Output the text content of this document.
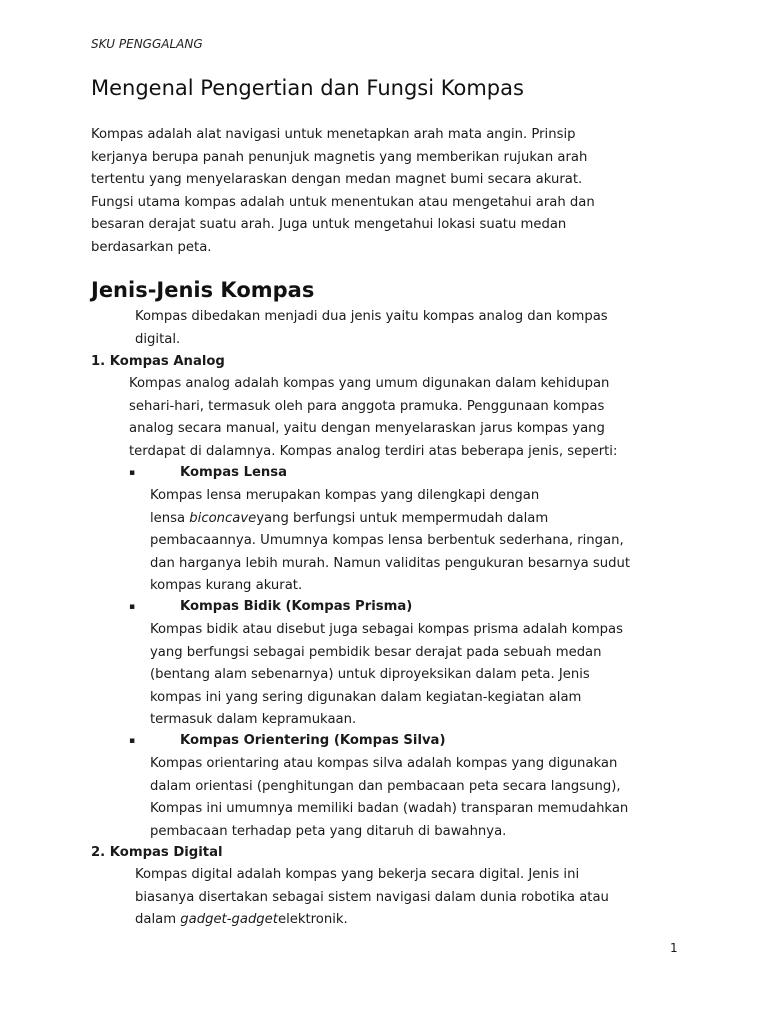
SKU PENGGALANG
Mengenal Pengertian dan Fungsi Kompas
Kompas adalah alat navigasi untuk menetapkan arah mata angin. Prinsip
kerjanya berupa panah penunjuk magnetis yang memberikan rujukan arah
tertentu yang menyelaraskan dengan medan magnet bumi secara akurat.
Fungsi utama kompas adalah untuk menentukan atau mengetahui arah dan
besaran derajat suatu arah. Juga untuk mengetahui lokasi suatu medan
berdasarkan peta.
Jenis-Jenis Kompas
Kompas dibedakan menjadi dua jenis yaitu kompas analog dan kompas
digital.
1. Kompas Analog
Kompas analog adalah kompas yang umum digunakan dalam kehidupan
sehari-hari, termasuk oleh para anggota pramuka. Penggunaan kompas
analog secara manual, yaitu dengan menyelaraskan jarus kompas yang
terdapat di dalamnya. Kompas analog terdiri atas beberapa jenis, seperti:
▪	Kompas Lensa
Kompas lensa merupakan kompas yang dilengkapi dengan
lensa biconcaveyang berfungsi untuk mempermudah dalam
pembacaannya. Umumnya kompas lensa berbentuk sederhana, ringan,
dan harganya lebih murah. Namun validitas pengukuran besarnya sudut
kompas kurang akurat.
▪	Kompas Bidik (Kompas Prisma)
Kompas bidik atau disebut juga sebagai kompas prisma adalah kompas
yang berfungsi sebagai pembidik besar derajat pada sebuah medan
(bentang alam sebenarnya) untuk diproyeksikan dalam peta. Jenis
kompas ini yang sering digunakan dalam kegiatan-kegiatan alam
termasuk dalam kepramukaan.
▪	Kompas Orientering (Kompas Silva)
Kompas orientaring atau kompas silva adalah kompas yang digunakan
dalam orientasi (penghitungan dan pembacaan peta secara langsung),
Kompas ini umumnya memiliki badan (wadah) transparan memudahkan
pembacaan terhadap peta yang ditaruh di bawahnya.
2. Kompas Digital
Kompas digital adalah kompas yang bekerja secara digital. Jenis ini
biasanya disertakan sebagai sistem navigasi dalam dunia robotika atau
dalam gadget-gadgetelektronik.
1
